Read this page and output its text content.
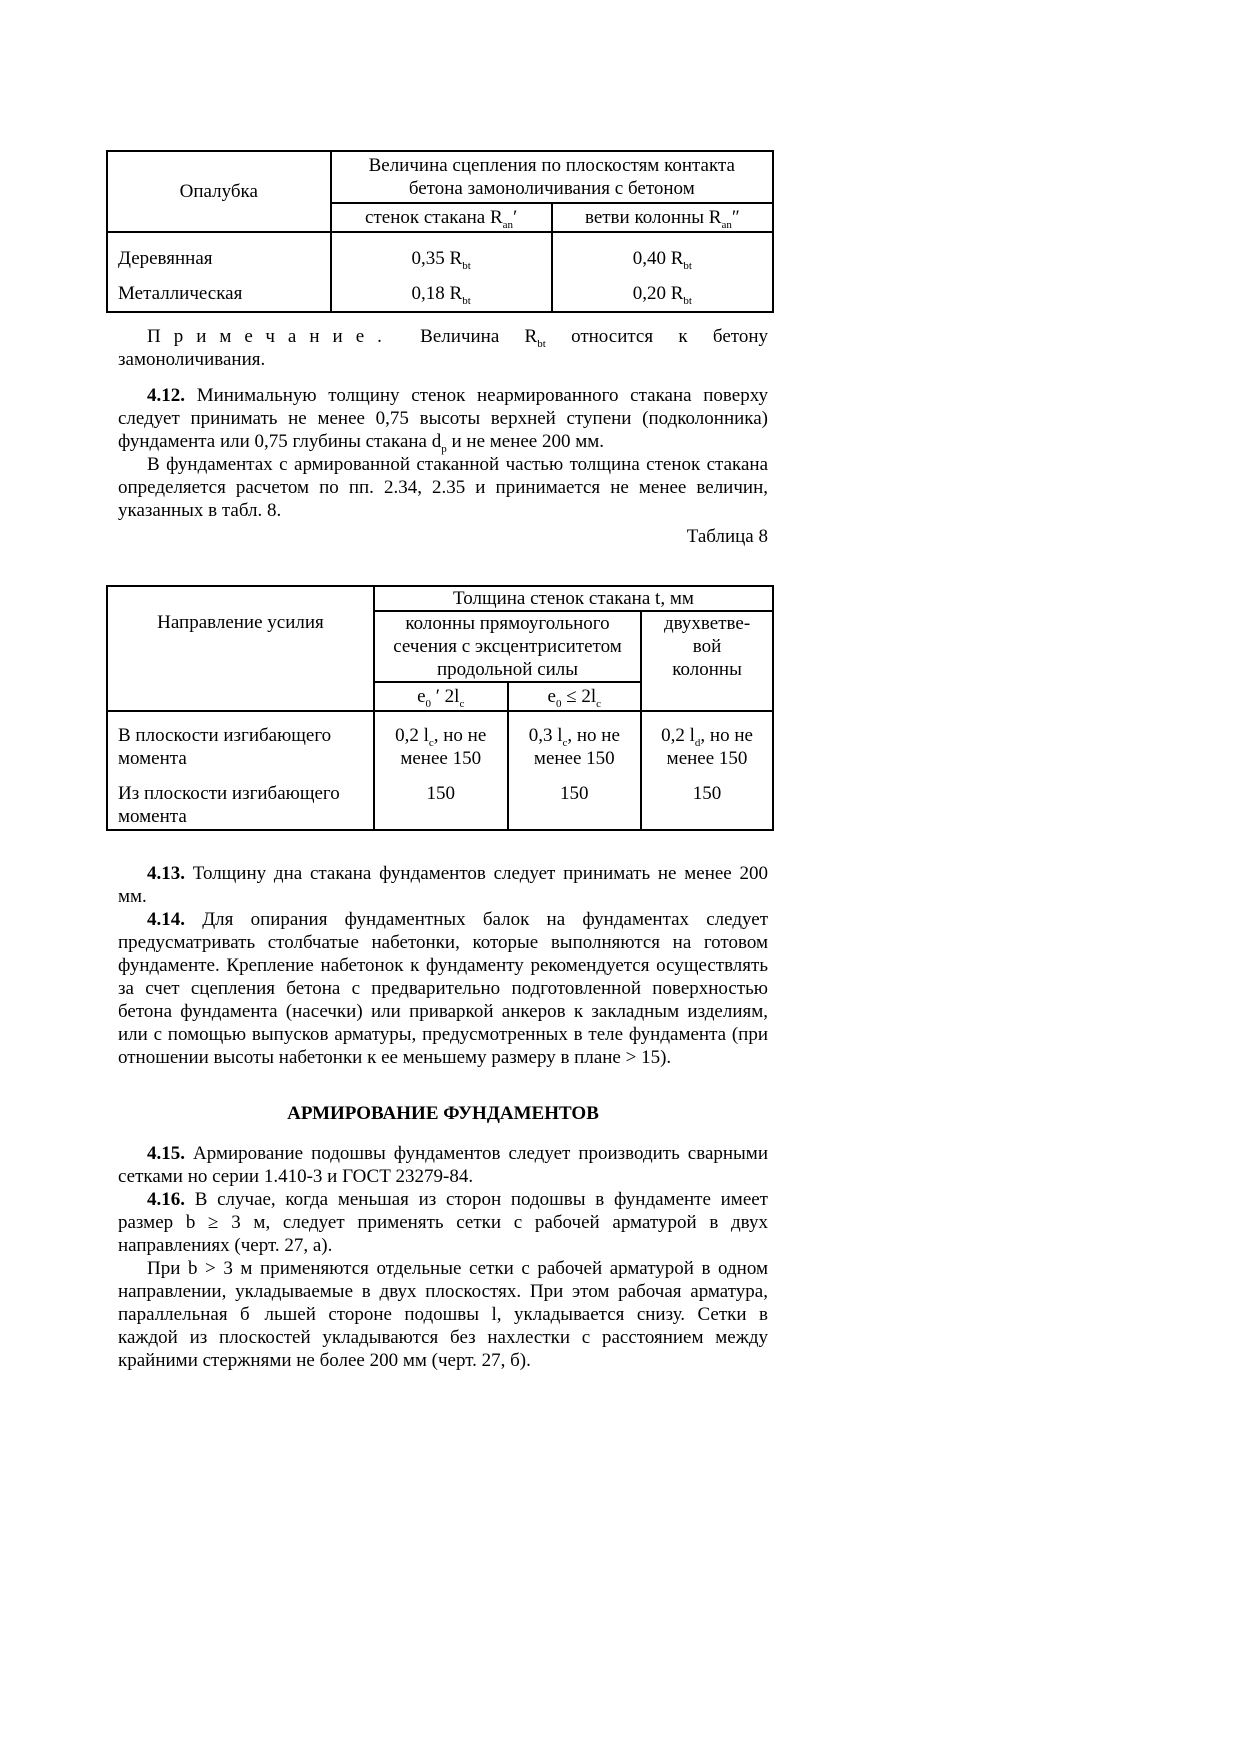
Опалубка	Величина сцепления по плоскостям контакта бетона замоноличивания с бетоном	
	стенок стакана $R_{an}'$	ветви колонны $R_{an}''$
Деревянная	0,35 $R_{bt}$	0,40 $R_{bt}$
Металлическая	0,18 $R_{bt}$	0,20 $R_{bt}$

Примечание. Величина $R_{bt}$ относится к бетону замоноличивания.

4.12. Минимальную толщину стенок неармированного стакана поверху следует принимать не менее 0,75 высоты верхней ступени (подколонника) фундамента или 0,75 глубины стакана $d_p$ и не менее 200 мм.

В фундаментах с армированной стаканной частью толщина стенок стакана определяется расчетом по пп. 2.34, 2.35 и принимается не менее величин, указанных в табл. 8.

Таблица 8

Направление усилия	Толщина стенок стакана t, мм		
	колонны прямоугольного сечения с эксцентриситетом продольной силы		двухветве-вой колонны
	$e_0$ ′ $2l_c$	$e_0 \le 2l_c$
В плоскости изгибающего момента	0,2 $l_c$, но не менее 150	0,3 $l_c$, но не менее 150	0,2 $l_d$, но не менее 150
Из плоскости изгибающего момента	150	150	150

4.13. Толщину дна стакана фундаментов следует принимать не менее 200 мм.

4.14. Для опирания фундаментных балок на фундаментах следует предусматривать столбчатые набетонки, которые выполняются на готовом фундаменте. Крепление набетонок к фундаменту рекомендуется осуществлять за счет сцепления бетона с предварительно подготовленной поверхностью бетона фундамента (насечки) или приваркой анкеров к закладным изделиям, или с помощью выпусков арматуры, предусмотренных в теле фундамента (при отношении высоты набетонки к ее меньшему размеру в плане > 15).

АРМИРОВАНИЕ ФУНДАМЕНТОВ

4.15. Армирование подошвы фундаментов следует производить сварными сетками но серии 1.410-3 и ГОСТ 23279-84.

4.16. В случае, когда меньшая из сторон подошвы в фундаменте имеет размер b ≥ 3 м, следует применять сетки с рабочей арматурой в двух направлениях (черт. 27, а).

При b > 3 м применяются отдельные сетки с рабочей арматурой в одном направлении, укладываемые в двух плоскостях. При этом рабочая арматура, параллельная б льшей стороне подошвы l, укладывается снизу. Сетки в каждой из плоскостей укладываются без нахлестки с расстоянием между крайними стержнями не более 200 мм (черт. 27, б).
